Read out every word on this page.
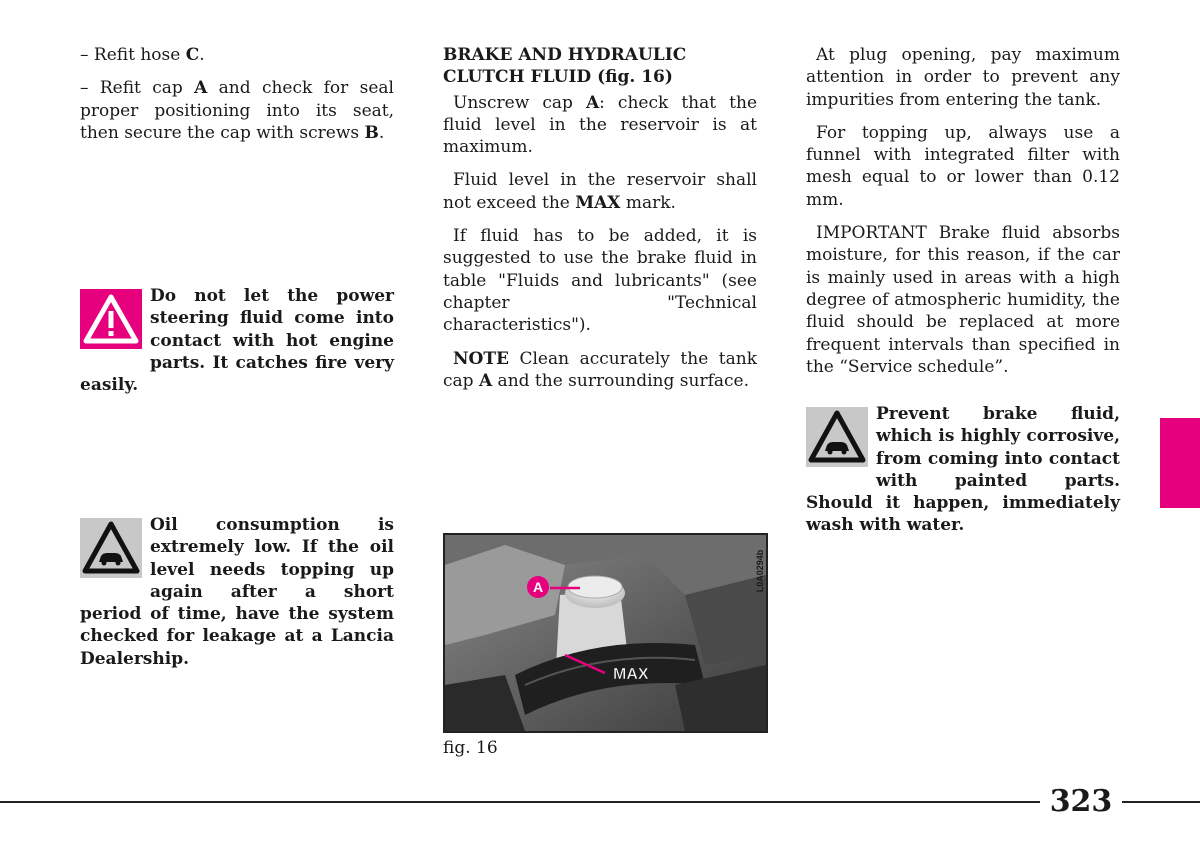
– Refit hose C.

– Refit cap A and check for seal proper positioning into its seat, then secure the cap with screws B.

Do not let the power steering fluid come into contact with hot engine parts. It catches fire very easily.
Oil consumption is extremely low. If the oil level needs topping up again after a short period of time, have the system checked for leakage at a Lancia Dealership.

BRAKE AND HYDRAULIC CLUTCH FLUID (fig. 16)

Unscrew cap A: check that the fluid level in the reservoir is at maximum.

Fluid level in the reservoir shall not exceed the MAX mark.

If fluid has to be added, it is suggested to use the brake fluid in table "Fluids and lubricants" (see chapter "Technical characteristics").

NOTE Clean accurately the tank cap A and the surrounding surface.

A
MAX
L0A0294b
fig. 16

At plug opening, pay maximum attention in order to prevent any impurities from entering the tank.

For topping up, always use a funnel with integrated filter with mesh equal to or lower than 0.12 mm.

IMPORTANT Brake fluid absorbs moisture, for this reason, if the car is mainly used in areas with a high degree of atmospheric humidity, the fluid should be replaced at more frequent intervals than specified in the “Service schedule”.

Prevent brake fluid, which is highly corrosive, from coming into contact with painted parts. Should it happen, immediately wash with water.
323
